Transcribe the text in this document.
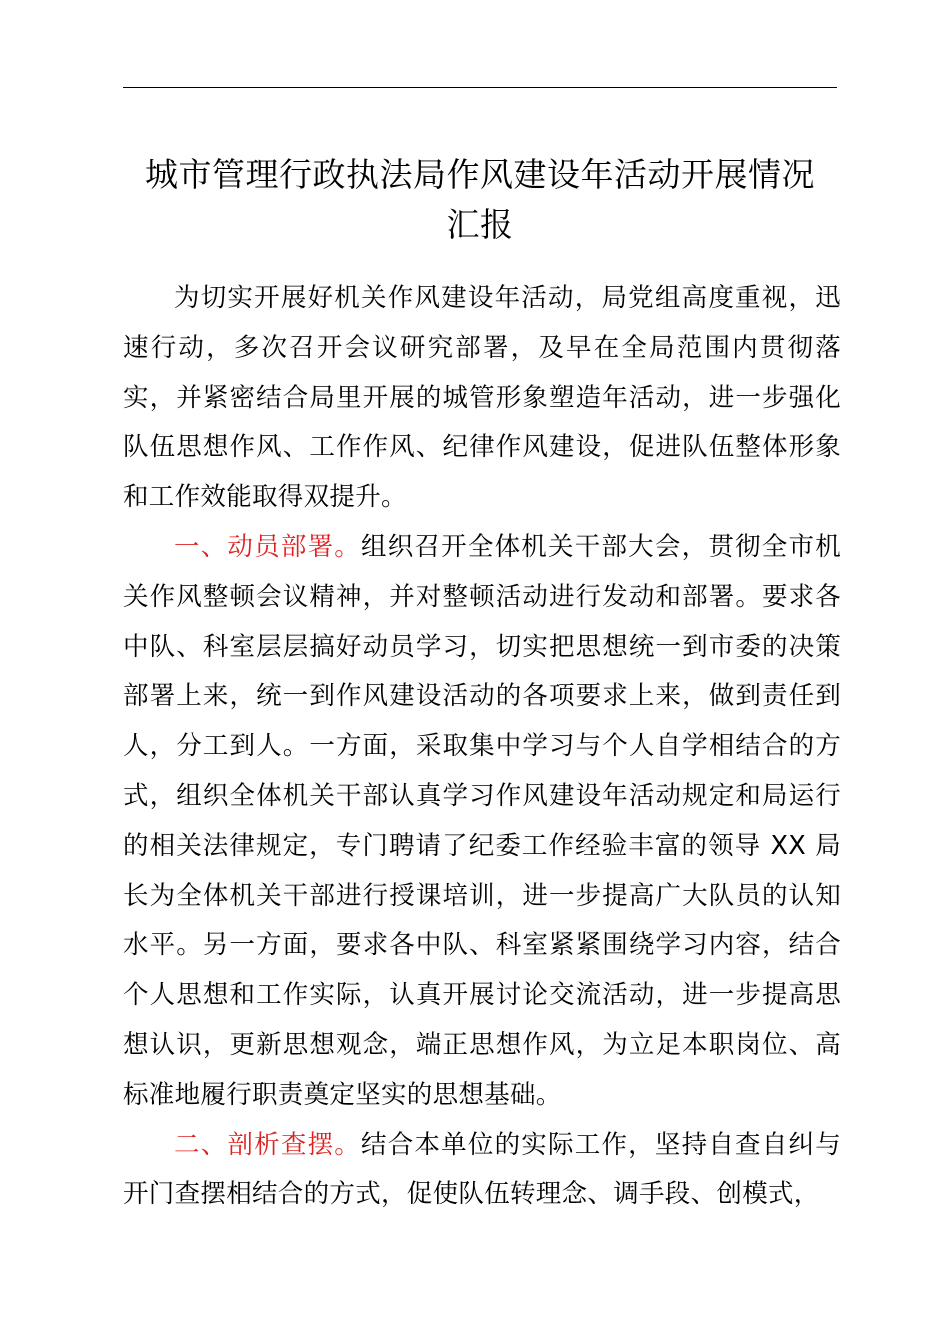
城市管理行政执法局作风建设年活动开展情况
汇报

为切实开展好机关作风建设年活动，局党组高度重视，迅速行动，多次召开会议研究部署，及早在全局范围内贯彻落实，并紧密结合局里开展的城管形象塑造年活动，进一步强化队伍思想作风、工作作风、纪律作风建设，促进队伍整体形象和工作效能取得双提升。

一、动员部署。组织召开全体机关干部大会，贯彻全市机关作风整顿会议精神，并对整顿活动进行发动和部署。要求各中队、科室层层搞好动员学习，切实把思想统一到市委的决策部署上来，统一到作风建设活动的各项要求上来，做到责任到人，分工到人。一方面，采取集中学习与个人自学相结合的方式，组织全体机关干部认真学习作风建设年活动规定和局运行的相关法律规定，专门聘请了纪委工作经验丰富的领导 XX 局长为全体机关干部进行授课培训，进一步提高广大队员的认知水平。另一方面，要求各中队、科室紧紧围绕学习内容，结合个人思想和工作实际，认真开展讨论交流活动，进一步提高思想认识，更新思想观念，端正思想作风，为立足本职岗位、高标准地履行职责奠定坚实的思想基础。

二、剖析查摆。结合本单位的实际工作，坚持自查自纠与开门查摆相结合的方式，促使队伍转理念、调手段、创模式，
